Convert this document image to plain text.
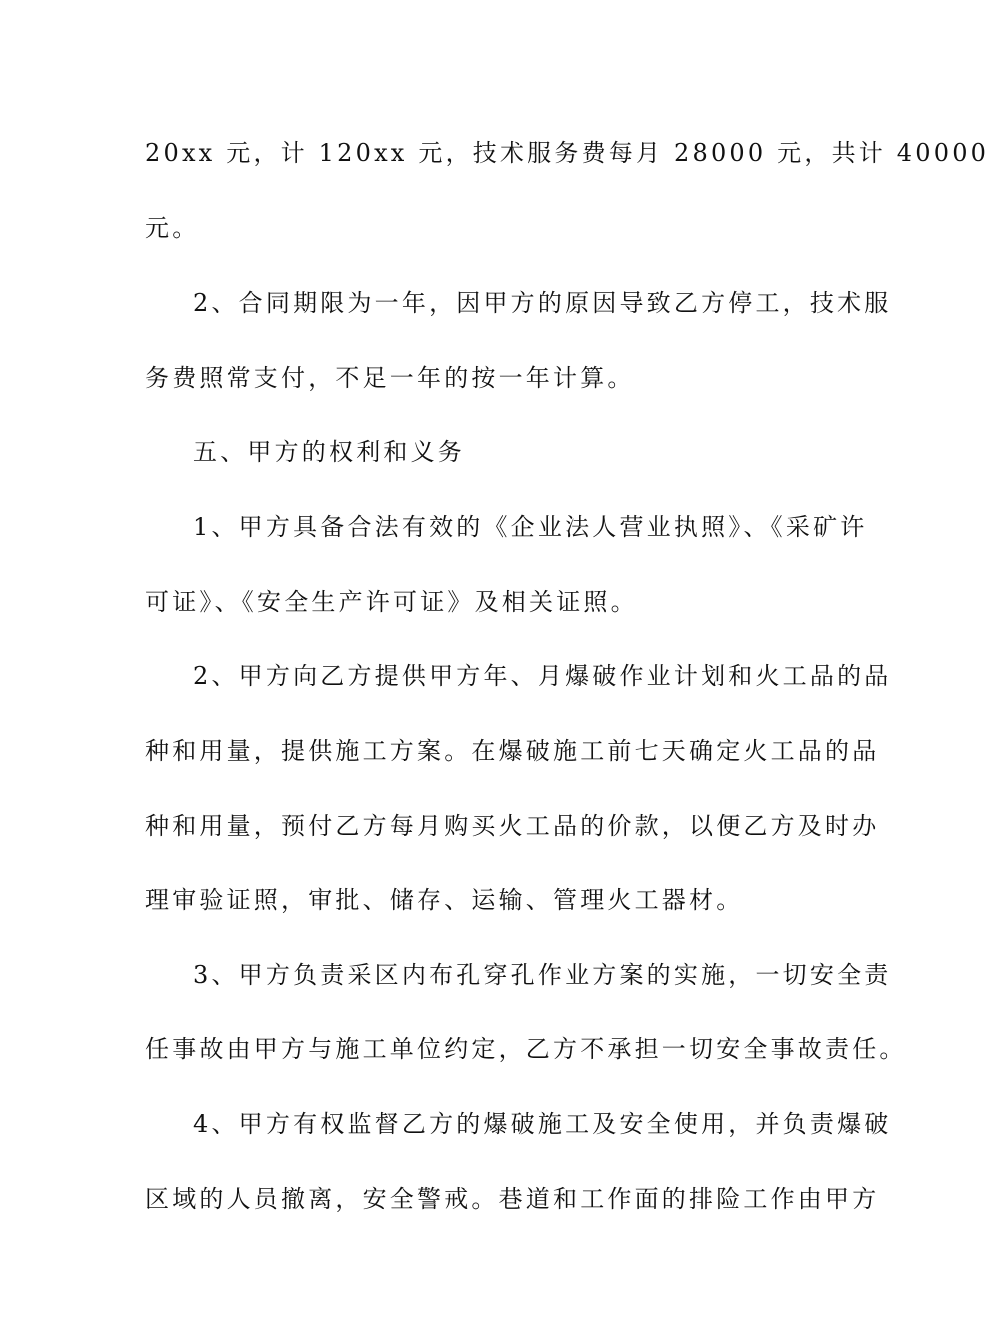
20xx 元，计 120xx 元，技术服务费每月 28000 元，共计 40000
元。
2、合同期限为一年，因甲方的原因导致乙方停工，技术服
务费照常支付，不足一年的按一年计算。
五、甲方的权利和义务
1、甲方具备合法有效的《企业法人营业执照》、《采矿许
可证》、《安全生产许可证》及相关证照。
2、甲方向乙方提供甲方年、月爆破作业计划和火工品的品
种和用量，提供施工方案。在爆破施工前七天确定火工品的品
种和用量，预付乙方每月购买火工品的价款，以便乙方及时办
理审验证照，审批、储存、运输、管理火工器材。
3、甲方负责采区内布孔穿孔作业方案的实施，一切安全责
任事故由甲方与施工单位约定，乙方不承担一切安全事故责任。
4、甲方有权监督乙方的爆破施工及安全使用，并负责爆破
区域的人员撤离，安全警戒。巷道和工作面的排险工作由甲方
